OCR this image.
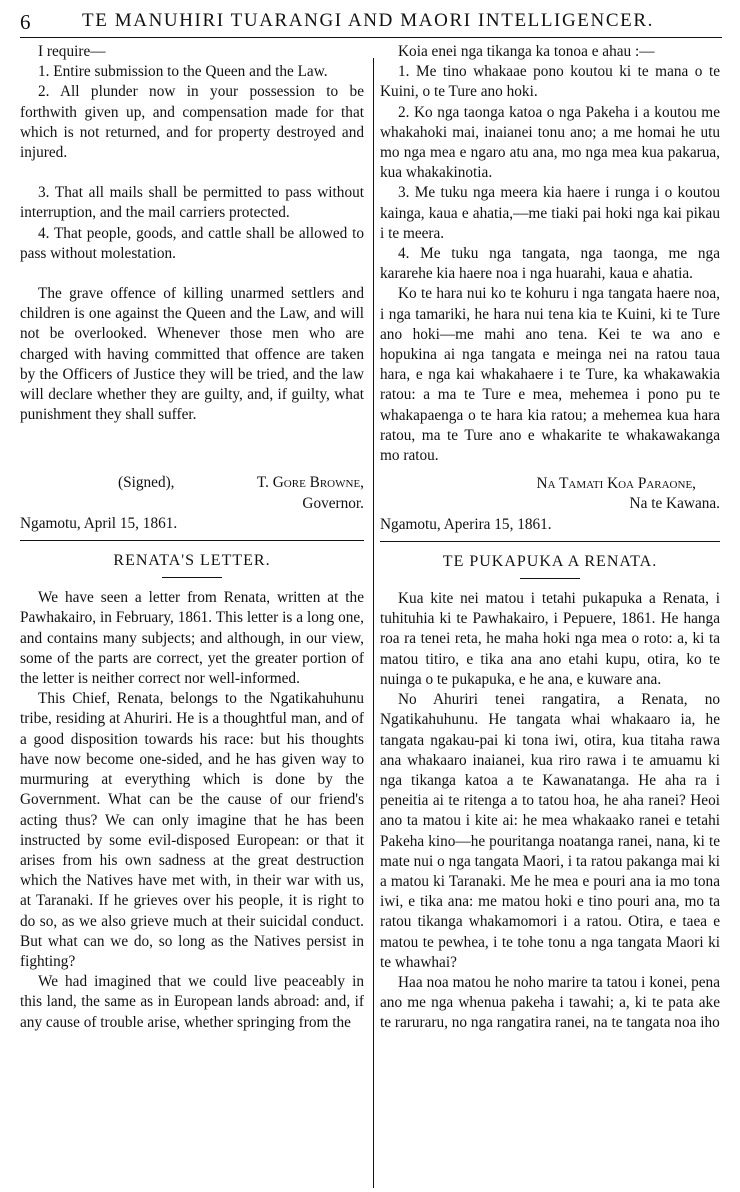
6	TE MANUHIRI TUARANGI AND MAORI INTELLIGENCER.

I require—

1. Entire submission to the Queen and the Law.

2. All plunder now in your possession to be forthwith given up, and compensation made for that which is not returned, and for property destroyed and injured.

3. That all mails shall be permitted to pass without interruption, and the mail carriers protected.

4. That people, goods, and cattle shall be allowed to pass without molestation.

The grave offence of killing unarmed settlers and children is one against the Queen and the Law, and will not be overlooked. Whenever those men who are charged with having committed that offence are taken by the Officers of Justice they will be tried, and the law will declare whether they are guilty, and, if guilty, what punishment they shall suffer.

(Signed),	T. Gore Browne,

Governor.

Ngamotu, April 15, 1861.

RENATA'S LETTER.

We have seen a letter from Renata, written at the Pawhakairo, in February, 1861. This letter is a long one, and contains many subjects; and although, in our view, some of the parts are correct, yet the greater portion of the letter is neither correct nor well-informed.

This Chief, Renata, belongs to the Ngatikahuhunu tribe, residing at Ahuriri. He is a thoughtful man, and of a good disposition towards his race: but his thoughts have now become one-sided, and he has given way to murmuring at everything which is done by the Government. What can be the cause of our friend's acting thus? We can only imagine that he has been instructed by some evil-disposed European: or that it arises from his own sadness at the great destruction which the Natives have met with, in their war with us, at Taranaki. If he grieves over his people, it is right to do so, as we also grieve much at their suicidal conduct. But what can we do, so long as the Natives persist in fighting?

We had imagined that we could live peaceably in this land, the same as in European lands abroad: and, if any cause of trouble arise, whether springing from the

Koia enei nga tikanga ka tonoa e ahau :—

1. Me tino whakaae pono koutou ki te mana o te Kuini, o te Ture ano hoki.

2. Ko nga taonga katoa o nga Pakeha i a koutou me whakahoki mai, inaianei tonu ano; a me homai he utu mo nga mea e ngaro atu ana, mo nga mea kua pakarua, kua whakakinotia.

3. Me tuku nga meera kia haere i runga i o koutou kainga, kaua e ahatia,—me tiaki pai hoki nga kai pikau i te meera.

4. Me tuku nga tangata, nga taonga, me nga kararehe kia haere noa i nga huarahi, kaua e ahatia.

Ko te hara nui ko te kohuru i nga tangata haere noa, i nga tamariki, he hara nui tena kia te Kuini, ki te Ture ano hoki—me mahi ano tena. Kei te wa ano e hopukina ai nga tangata e meinga nei na ratou taua hara, e nga kai whakahaere i te Ture, ka whakawakia ratou: a ma te Ture e mea, mehemea i pono pu te whakapaenga o te hara kia ratou; a mehemea kua hara ratou, ma te Ture ano e whakarite te whakawakanga mo ratou.

Na Tamati Koa Paraone,

Na te Kawana.

Ngamotu, Aperira 15, 1861.

TE PUKAPUKA A RENATA.

Kua kite nei matou i tetahi pukapuka a Renata, i tuhituhia ki te Pawhakairo, i Pepuere, 1861. He hanga roa ra tenei reta, he maha hoki nga mea o roto: a, ki ta matou titiro, e tika ana ano etahi kupu, otira, ko te nuinga o te pukapuka, e he ana, e kuware ana.

No Ahuriri tenei rangatira, a Renata, no Ngatikahuhunu. He tangata whai whakaaro ia, he tangata ngakau-pai ki tona iwi, otira, kua titaha rawa ana whakaaro inaianei, kua riro rawa i te amuamu ki nga tikanga katoa a te Kawanatanga. He aha ra i peneitia ai te ritenga a to tatou hoa, he aha ranei? Heoi ano ta matou i kite ai: he mea whakaako ranei e tetahi Pakeha kino—he pouritanga noatanga ranei, nana, ki te mate nui o nga tangata Maori, i ta ratou pakanga mai ki a matou ki Taranaki. Me he mea e pouri ana ia mo tona iwi, e tika ana: me matou hoki e tino pouri ana, mo ta ratou tikanga whakamomori i a ratou. Otira, e taea e matou te pewhea, i te tohe tonu a nga tangata Maori ki te whawhai?

Haa noa matou he noho marire ta tatou i konei, pena ano me nga whenua pakeha i tawahi; a, ki te pata ake te raruraru, no nga rangatira ranei, na te tangata noa iho
